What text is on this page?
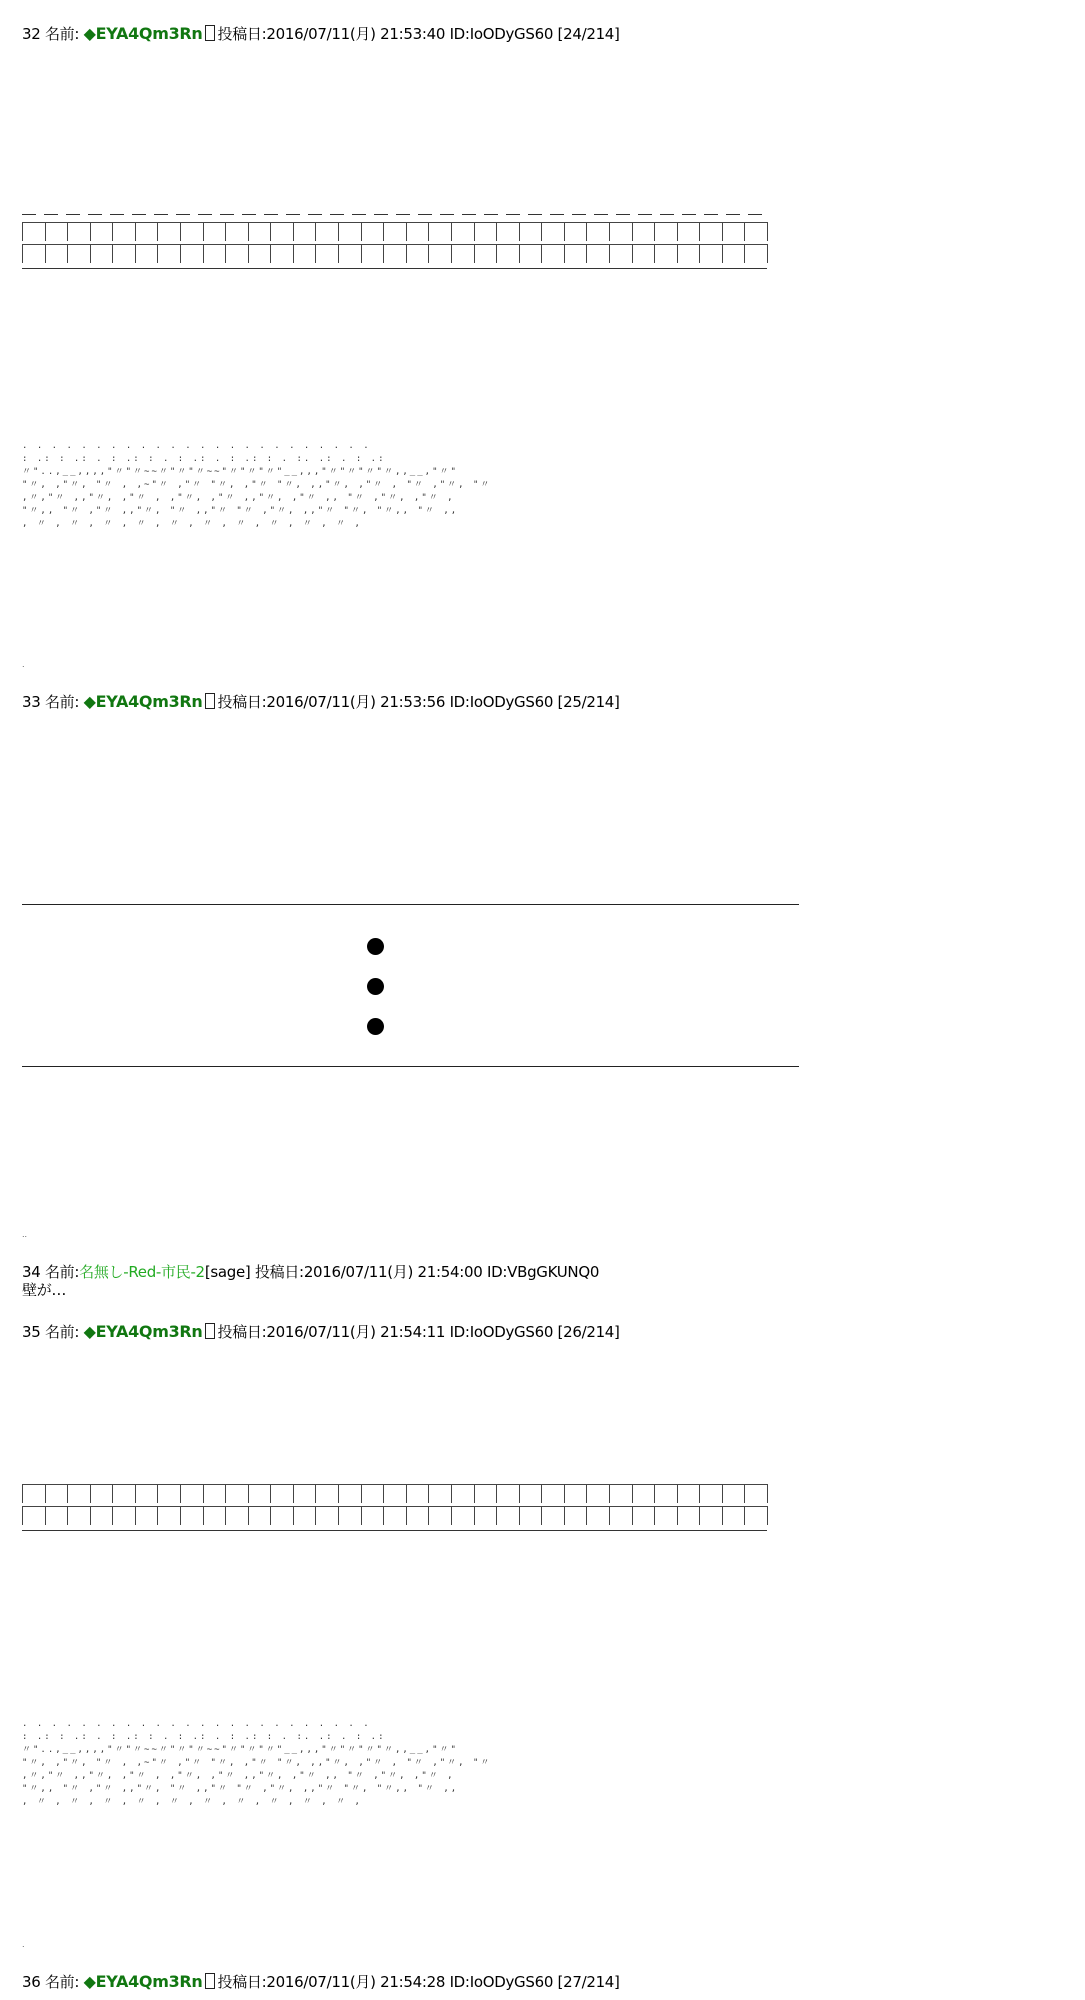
32 名前: ◆EYA4Qm3Rn 投稿日:2016/07/11(月) 21:53:40 ID:IoODyGS60 [24/214]
. . . . . . . . . . . . . . . . . . . . . . . .
: .: : .: . : .: : . : .: . : .: : . :. .: . : .:
〃"..,__,,,,"〃"〃~~〃"〃"〃~~"〃"〃"〃"__,,,"〃"〃"〃"〃,,__,"〃"
"〃, ,"〃, "〃 , ,~"〃 ,"〃 "〃, ,"〃 "〃, ,,"〃, ,"〃 , "〃 ,"〃, "〃
,〃,"〃 ,,"〃, ,"〃 , ,"〃, ,"〃 ,,"〃, ,"〃 ,, "〃 ,"〃, ,"〃 ,
"〃,, "〃 ,"〃 ,,"〃, "〃 ,,"〃 "〃 ,"〃, ,,"〃 "〃, "〃,, "〃 ,,
, 〃 , 〃 , 〃 , 〃 , 〃 , 〃 , 〃 , 〃 , 〃 , 〃 ,
.
33 名前: ◆EYA4Qm3Rn 投稿日:2016/07/11(月) 21:53:56 ID:IoODyGS60 [25/214]
..
34 名前:名無し-Red-市民-2[sage] 投稿日:2016/07/11(月) 21:54:00 ID:VBgGKUNQ0
壁が…
35 名前: ◆EYA4Qm3Rn 投稿日:2016/07/11(月) 21:54:11 ID:IoODyGS60 [26/214]
. . . . . . . . . . . . . . . . . . . . . . . .
: .: : .: . : .: : . : .: . : .: : . :. .: . : .:
〃"..,__,,,,"〃"〃~~〃"〃"〃~~"〃"〃"〃"__,,,"〃"〃"〃"〃,,__,"〃"
"〃, ,"〃, "〃 , ,~"〃 ,"〃 "〃, ,"〃 "〃, ,,"〃, ,"〃 , "〃 ,"〃, "〃
,〃,"〃 ,,"〃, ,"〃 , ,"〃, ,"〃 ,,"〃, ,"〃 ,, "〃 ,"〃, ,"〃 ,
"〃,, "〃 ,"〃 ,,"〃, "〃 ,,"〃 "〃 ,"〃, ,,"〃 "〃, "〃,, "〃 ,,
, 〃 , 〃 , 〃 , 〃 , 〃 , 〃 , 〃 , 〃 , 〃 , 〃 ,
.
36 名前: ◆EYA4Qm3Rn 投稿日:2016/07/11(月) 21:54:28 ID:IoODyGS60 [27/214]
